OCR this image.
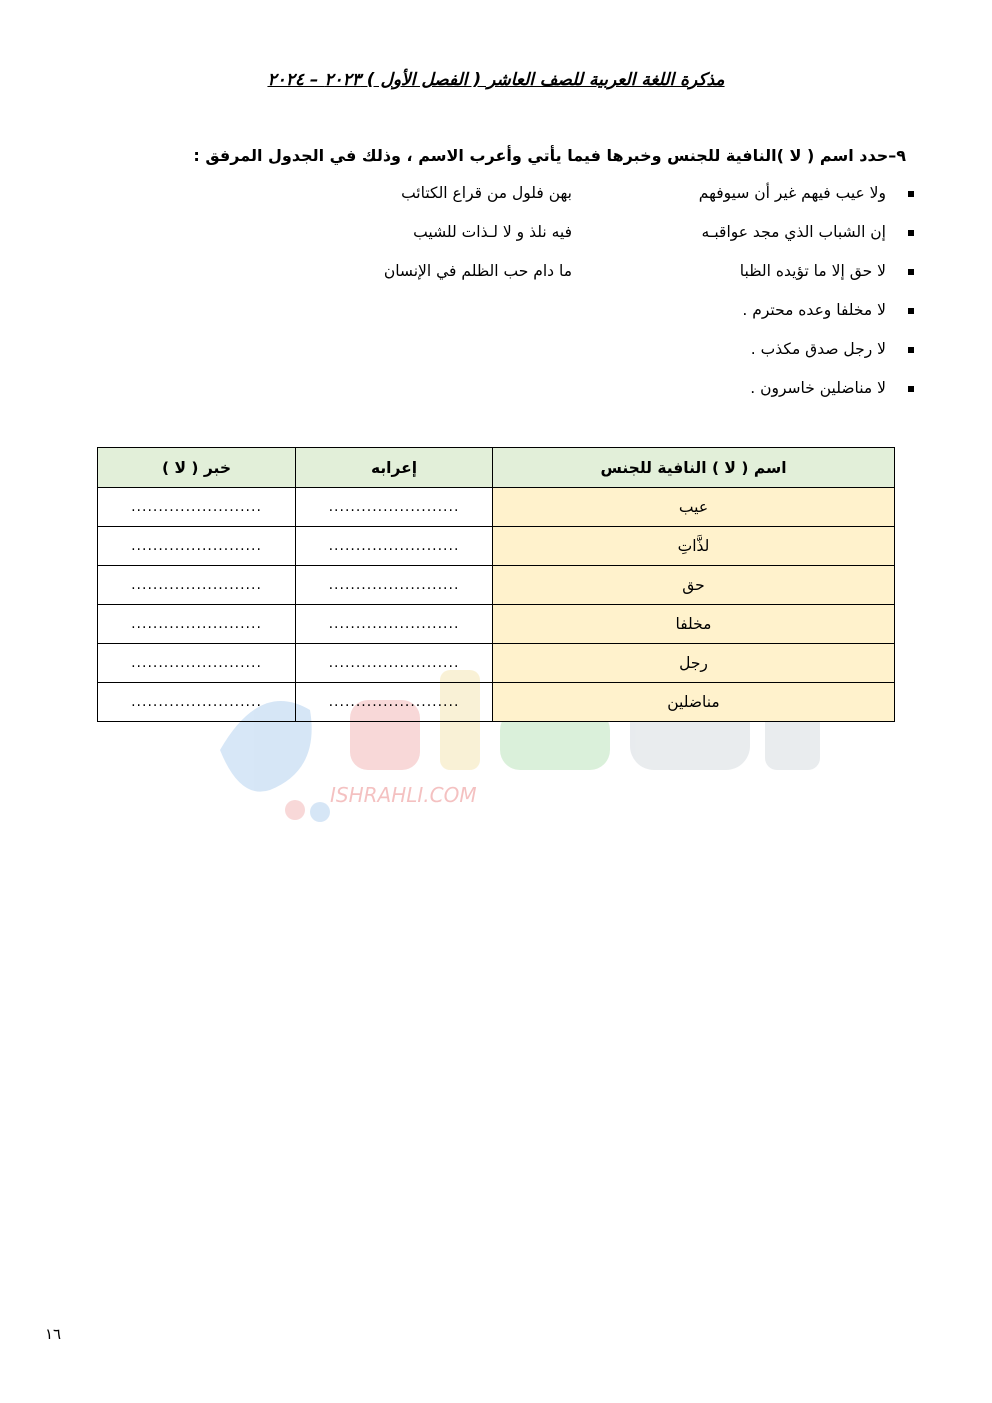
مذكرة اللغة العربية للصف العاشر ( الفصل الأول ) ٢٠٢٣ – ٢٠٢٤
٩–حدد اسم ( لا )النافية للجنس وخبرها فيما يأتي وأعرب الاسم ، وذلك في الجدول المرفق :
ولا عيب فيهم غير أن سيوفهم
بهن فلول من قراع الكتائب
إن الشباب الذي مجد عواقبـه
فيه نلذ و لا لـذات للشيب
لا حق إلا ما تؤيده الظبا
ما دام حب الظلم في الإنسان
لا مخلفا وعده محترم .
لا رجل صدق مكذب .
لا مناضلين خاسرون .
ISHRAHLI.COM
اسم ( لا ) النافية للجنس	إعرابه	خبر ( لا )
عيب	........................	........................
لذَّاتِ	........................	........................
حق	........................	........................
مخلفا	........................	........................
رجل	........................	........................
مناضلين	........................	........................
١٦
